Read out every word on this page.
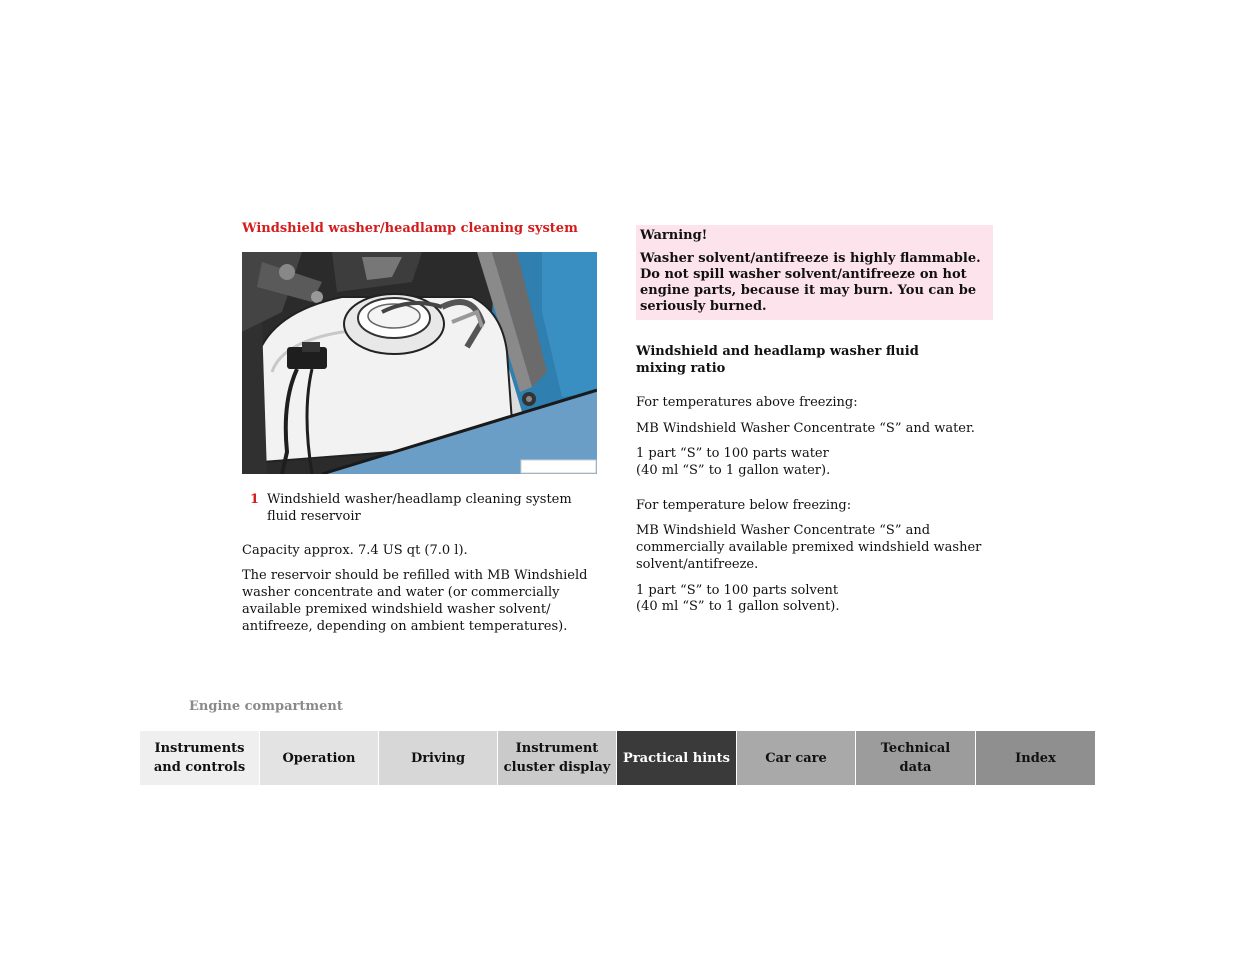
Windshield washer/headlamp cleaning system
1 Windshield washer/headlamp cleaning system fluid reservoir

Capacity approx. 7.4 US qt (7.0 l).

The reservoir should be refilled with MB Windshield washer concentrate and water (or commercially available premixed windshield washer solvent/ antifreeze, depending on ambient temperatures).

Warning!
Washer solvent/antifreeze is highly flammable. Do not spill washer solvent/antifreeze on hot engine parts, because it may burn. You can be seriously burned.
Windshield and headlamp washer fluid mixing ratio

For temperatures above freezing:

MB Windshield Washer Concentrate “S” and water.

1 part “S” to 100 parts water

(40 ml “S” to 1 gallon water).

For temperature below freezing:

MB Windshield Washer Concentrate “S” and commercially available premixed windshield washer solvent/antifreeze.

1 part “S” to 100 parts solvent

(40 ml “S” to 1 gallon solvent).

Engine compartment
Instruments
and controls
Operation	Driving
Instrument
cluster display
Practical hints	Car care
Technical
data
Index
